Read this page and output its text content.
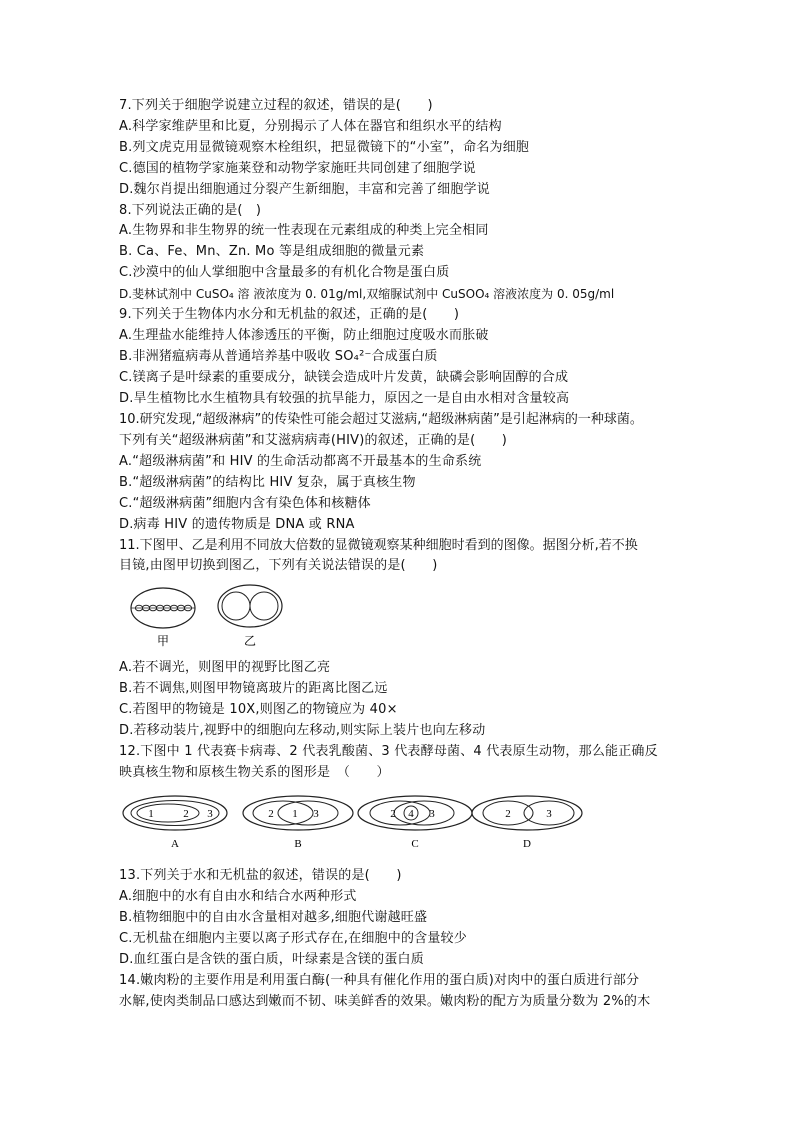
7.下列关于细胞学说建立过程的叙述，错误的是(　　)
A.科学家维萨里和比夏，分别揭示了人体在器官和组织水平的结构
B.列文虎克用显微镜观察木栓组织，把显微镜下的“小室”，命名为细胞
C.德国的植物学家施莱登和动物学家施旺共同创建了细胞学说
D.魏尔肖提出细胞通过分裂产生新细胞，丰富和完善了细胞学说
8.下列说法正确的是(　)
A.生物界和非生物界的统一性表现在元素组成的种类上完全相同
B. Ca、Fe、Mn、Zn. Mo 等是组成细胞的微量元素
C.沙漠中的仙人掌细胞中含量最多的有机化合物是蛋白质
D.斐林试剂中 CuSO₄ 溶 液浓度为 0. 01g/ml,双缩脲试剂中 CuSOO₄ 溶液浓度为 0. 05g/ml
9.下列关于生物体内水分和无机盐的叙述，正确的是(　　)
A.生理盐水能维持人体渗透压的平衡，防止细胞过度吸水而胀破
B.非洲猪瘟病毒从普通培养基中吸收 SO₄²⁻合成蛋白质
C.镁离子是叶绿素的重要成分，缺镁会造成叶片发黄，缺磷会影响固醇的合成
D.旱生植物比水生植物具有较强的抗旱能力，原因之一是自由水相对含量较高
10.研究发现,“超级淋病”的传染性可能会超过艾滋病,“超级淋病菌”是引起淋病的一种球菌。
下列有关“超级淋病菌”和艾滋病病毒(HIV)的叙述，正确的是(　　)
A.“超级淋病菌”和 HIV 的生命活动都离不开最基本的生命系统
B.“超级淋病菌”的结构比 HIV 复杂，属于真核生物
C.“超级淋病菌”细胞内含有染色体和核糖体
D.病毒 HIV 的遗传物质是 DNA 或 RNA
11.下图甲、乙是利用不同放大倍数的显微镜观察某种细胞时看到的图像。据图分析,若不换
目镜,由图甲切换到图乙，下列有关说法错误的是(　　)
甲	乙
A.若不调光，则图甲的视野比图乙亮
B.若不调焦,则图甲物镜离玻片的距离比图乙远
C.若图甲的物镜是 10X,则图乙的物镜应为 40×
D.若移动装片,视野中的细胞向左移动,则实际上装片也向左移动
12.下图中 1 代表赛卡病毒、2 代表乳酸菌、3 代表酵母菌、4 代表原生动物，那么能正确反
映真核生物和原核生物关系的图形是　（　　）
1	2 3
A
2 1 3
B
2 4 3
C
2	3
D
13.下列关于水和无机盐的叙述，错误的是(　　)
A.细胞中的水有自由水和结合水两种形式
B.植物细胞中的自由水含量相对越多,细胞代谢越旺盛
C.无机盐在细胞内主要以离子形式存在,在细胞中的含量较少
D.血红蛋白是含铁的蛋白质，叶绿素是含镁的蛋白质
14.嫩肉粉的主要作用是利用蛋白酶(一种具有催化作用的蛋白质)对肉中的蛋白质进行部分
水解,使肉类制品口感达到嫩而不韧、味美鲜香的效果。嫩肉粉的配方为质量分数为 2%的木
